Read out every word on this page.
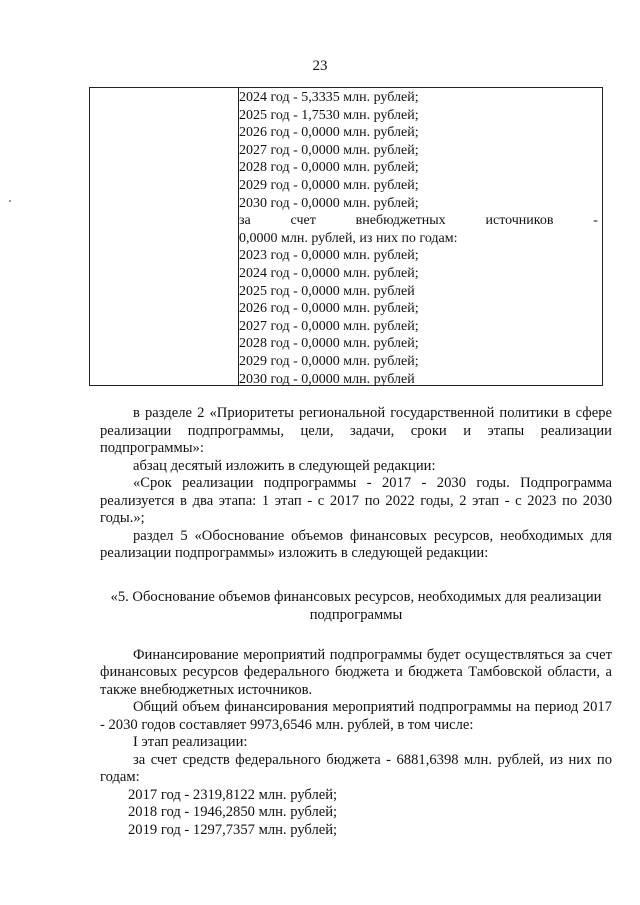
23
2024 год - 5,3335 млн. рублей;
2025 год - 1,7530 млн. рублей;
2026 год - 0,0000 млн. рублей;
2027 год - 0,0000 млн. рублей;
2028 год - 0,0000 млн. рублей;
2029 год - 0,0000 млн. рублей;
2030 год - 0,0000 млн. рублей;
за	счет	внебюджетных	источников	-
0,0000 млн. рублей, из них по годам:
2023 год - 0,0000 млн. рублей;
2024 год - 0,0000 млн. рублей;
2025 год - 0,0000 млн. рублей
2026 год - 0,0000 млн. рублей;
2027 год - 0,0000 млн. рублей;
2028 год - 0,0000 млн. рублей;
2029 год - 0,0000 млн. рублей;
2030 год - 0,0000 млн. рублей

в разделе 2 «Приоритеты региональной государственной политики в сфере реализации подпрограммы, цели, задачи, сроки и этапы реализации подпрограммы»:

абзац десятый изложить в следующей редакции:

«Срок реализации подпрограммы - 2017 - 2030 годы. Подпрограмма реализуется в два этапа: 1 этап - с 2017 по 2022 годы, 2 этап - с 2023 по 2030 годы.»;

раздел 5 «Обоснование объемов финансовых ресурсов, необходимых для реализации подпрограммы» изложить в следующей редакции:

«5. Обоснование объемов финансовых ресурсов, необходимых для реализации подпрограммы

Финансирование мероприятий подпрограммы будет осуществляться за счет финансовых ресурсов федерального бюджета и бюджета Тамбовской области, а также внебюджетных источников.

Общий объем финансирования мероприятий подпрограммы на период 2017 - 2030 годов составляет 9973,6546 млн. рублей, в том числе:

I этап реализации:

за счет средств федерального бюджета - 6881,6398 млн. рублей, из них по годам:

2017 год - 2319,8122 млн. рублей;

2018 год - 1946,2850 млн. рублей;

2019 год - 1297,7357 млн. рублей;
